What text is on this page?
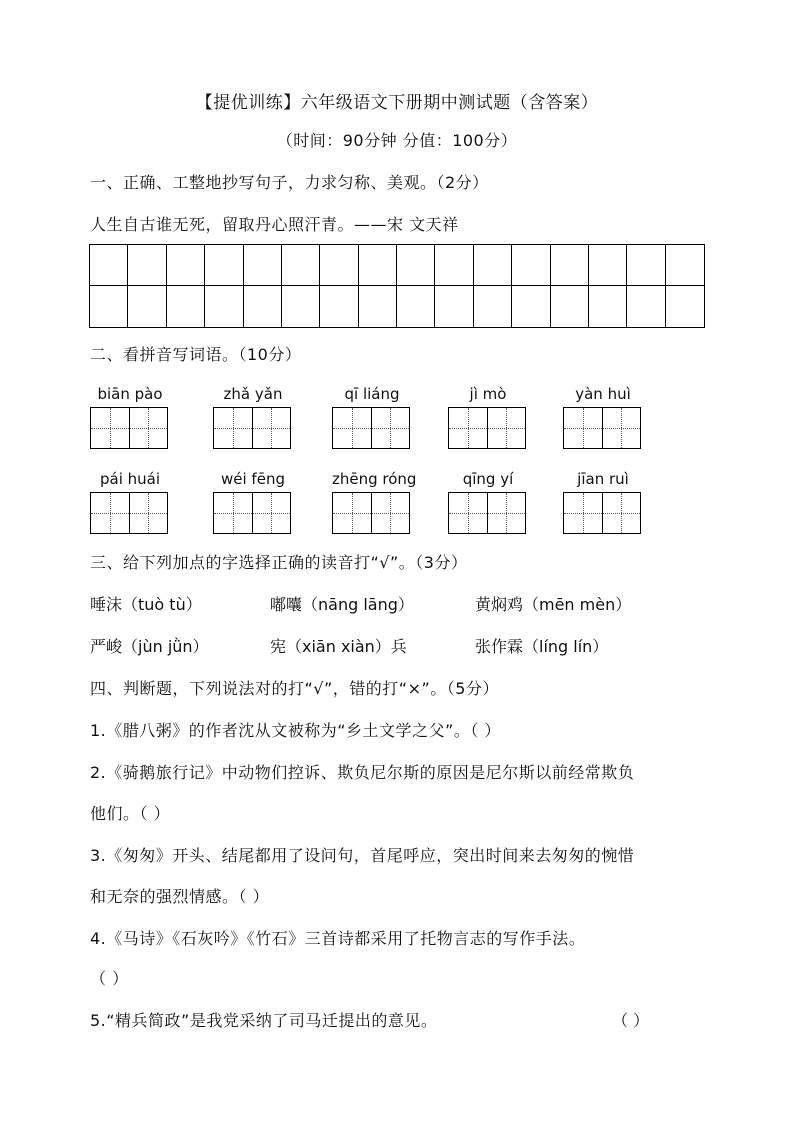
【提优训练】六年级语文下册期中测试题（含答案）
（时间：90分钟 分值：100分）
一、正确、工整地抄写句子，力求匀称、美观。（2分）
人生自古谁无死，留取丹心照汗青。——宋 文天祥
二、看拼音写词语。（10分）
biān pào	zhǎ yǎn	qī liáng	jì mò	yàn huì
pái huái	wéi fēng	zhēng róng	qīng yí	jīan ruì
三、给下列加点的字选择正确的读音打“√”。（3分）
唾沫（tuò tù）	嘟囔（nāng lāng）	黄焖鸡（mēn mèn）
严峻（jùn jǜn）	宪（xiān xiàn）兵	张作霖（líng lín）
四、判断题，下列说法对的打“√”，错的打“×”。（5分）
1.《腊八粥》的作者沈从文被称为“乡土文学之父”。（ ）
2.《骑鹅旅行记》中动物们控诉、欺负尼尔斯的原因是尼尔斯以前经常欺负
他们。（ ）
3.《匆匆》开头、结尾都用了设问句，首尾呼应，突出时间来去匆匆的惋惜
和无奈的强烈情感。（ ）
4.《马诗》《石灰吟》《竹石》三首诗都采用了托物言志的写作手法。
（ ）
5.“精兵简政”是我党采纳了司马迁提出的意见。	（ ）
